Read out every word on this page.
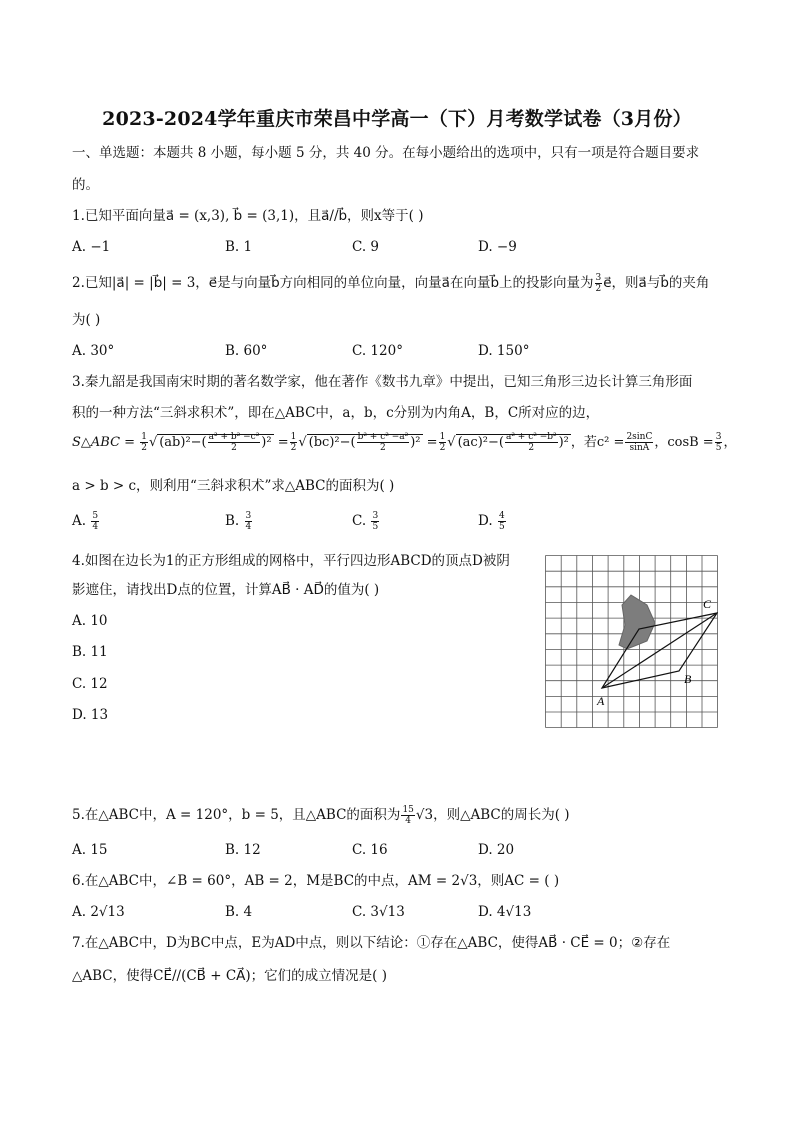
2023-2024学年重庆市荣昌中学高一（下）月考数学试卷（3月份）
一、单选题：本题共 8 小题，每小题 5 分，共 40 分。在每小题给出的选项中，只有一项是符合题目要求
的。
1.已知平面向量a⃗ = (x,3), b⃗ = (3,1)，且a⃗//b⃗，则x等于( )
A. −1	B. 1	C. 9	D. −9
2.已知|a⃗| = |b⃗| = 3，e⃗是与向量b⃗方向相同的单位向量，向量a⃗在向量b⃗上的投影向量为 $\frac{3}{2}$ e⃗，则a⃗与b⃗的夹角
为( )
A. 30°	B. 60°	C. 120°	D. 150°
3.秦九韶是我国南宋时期的著名数学家，他在著作《数书九章》中提出，已知三角形三边长计算三角形面
积的一种方法“三斜求积术”，即在△ABC中，a，b，c分别为内角A，B，C所对应的边，
S△ABC = $\frac{1}{2}$ √ $(ab)^2-( \frac{\text{a² + b² −c²}}{2} )^2 = \frac{1}{2}$ √ $(bc)^2-( \frac{\text{b² + c² −a²}}{2} )^2 = \frac{1}{2}$ √ $(ac)^2-( \frac{\text{a² + c² −b²}}{2} )^2$ ，若$c^2 = \frac{2\sin C}{\sin A}$ ，$\cos B = \frac{3}{5}$ ，
a > b > c，则利用“三斜求积术”求△ABC的面积为( )
A. $\frac{5}{4}$	B. $\frac{3}{4}$	C. $\frac{3}{5}$	D. $\frac{4}{5}$
4.如图在边长为1的正方形组成的网格中，平行四边形ABCD的顶点D被阴
影遮住，请找出D点的位置，计算AB⃗ · AD⃗的值为( )
A. 10
B. 11
C. 12
D. 13
A
B
C
5.在△ABC中，A = 120°，b = 5，且△ABC的面积为 $\frac{15}{4} √3$，则△ABC的周长为( )
A. 15	B. 12	C. 16	D. 20
6.在△ABC中，∠B = 60°，AB = 2，M是BC的中点，AM = 2√3，则AC = ( )
A. 2√13	B. 4	C. 3√13	D. 4√13
7.在△ABC中，D为BC中点，E为AD中点，则以下结论：①存在△ABC，使得AB⃗ · CE⃗ = 0；②存在
△ABC，使得CE⃗//(CB⃗ + CA⃗)；它们的成立情况是( )
